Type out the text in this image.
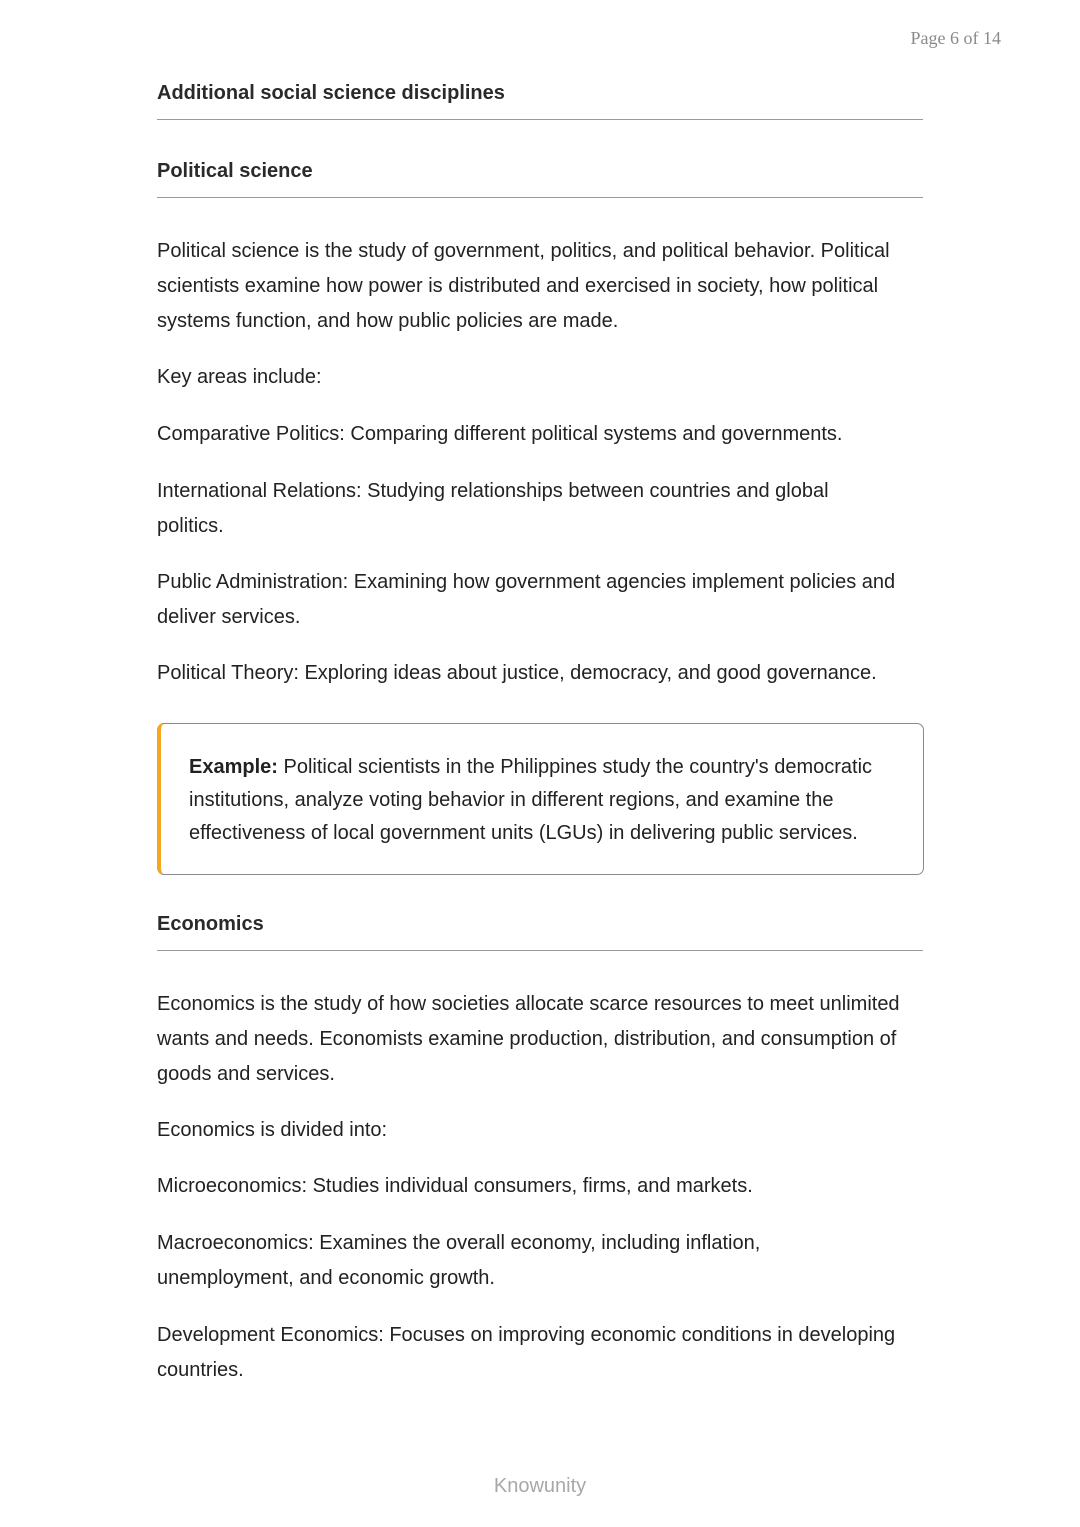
Page 6 of 14
Additional social science disciplines
Political science

Political science is the study of government, politics, and political behavior. Political scientists examine how power is distributed and exercised in society, how political systems function, and how public policies are made.

Key areas include:

Comparative Politics: Comparing different political systems and governments.

International Relations: Studying relationships between countries and global politics.

Public Administration: Examining how government agencies implement policies and deliver services.

Political Theory: Exploring ideas about justice, democracy, and good governance.

Example: Political scientists in the Philippines study the country's democratic institutions, analyze voting behavior in different regions, and examine the effectiveness of local government units (LGUs) in delivering public services.

Economics

Economics is the study of how societies allocate scarce resources to meet unlimited wants and needs. Economists examine production, distribution, and consumption of goods and services.

Economics is divided into:

Microeconomics: Studies individual consumers, firms, and markets.

Macroeconomics: Examines the overall economy, including inflation, unemployment, and economic growth.

Development Economics: Focuses on improving economic conditions in developing countries.

Knowunity
